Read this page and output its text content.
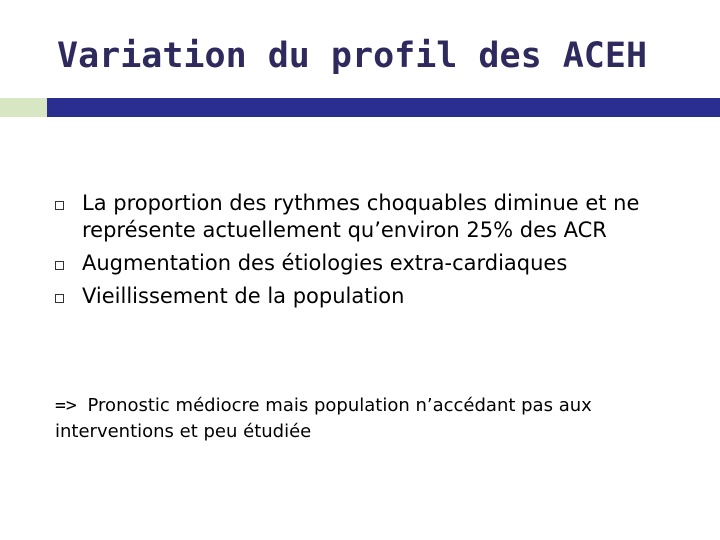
Variation du profil des ACEH
La proportion des rythmes choquables diminue et ne représente actuellement qu’environ 25% des ACR
Augmentation des étiologies extra-cardiaques
Vieillissement de la population
=> Pronostic médiocre mais population n’accédant pas aux interventions et peu étudiée
